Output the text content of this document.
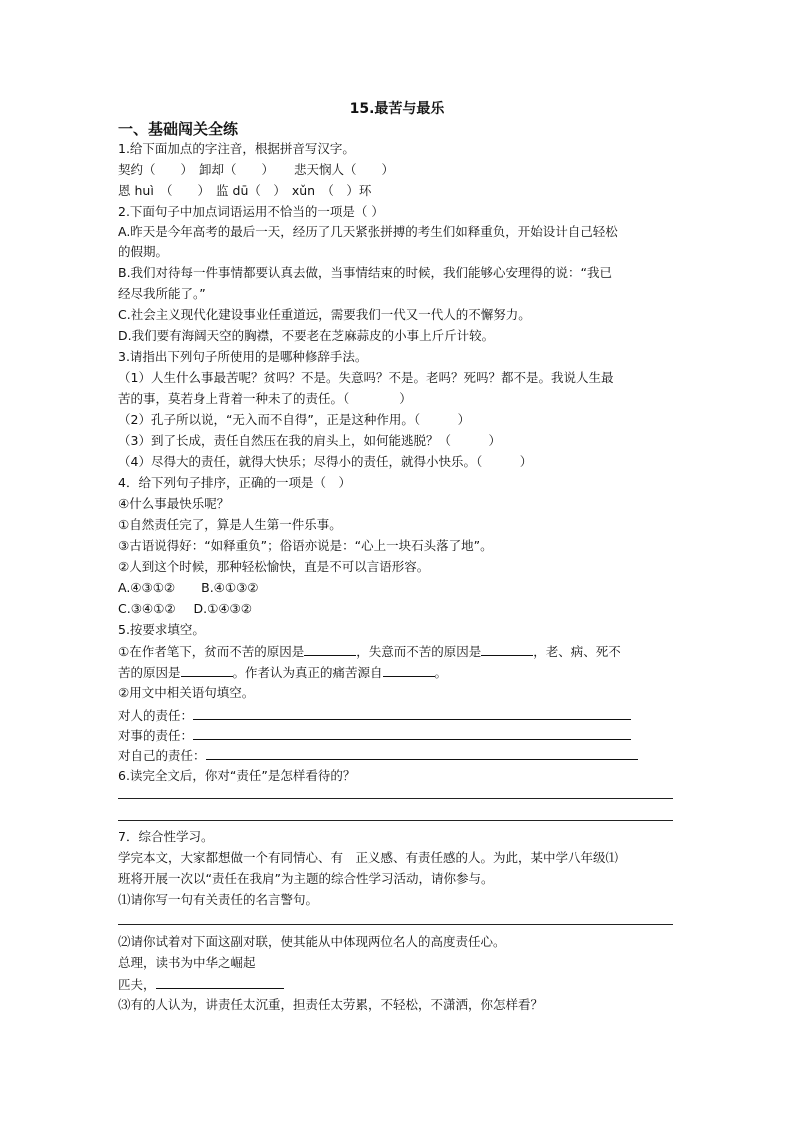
15.最苦与最乐
一、基础闯关全练
1.给下面加点的字注音，根据拼音写汉字。
契约（　　） 卸却（　　） 悲天悯人（　　）
恩 huì　（　　） 监 dū（　） xǔn　（　）环
2.下面句子中加点词语运用不恰当的一项是（ ）
A.昨天是今年高考的最后一天，经历了几天紧张拼搏的考生们如释重负，开始设计自己轻松
的假期。
B.我们对待每一件事情都要认真去做，当事情结束的时候，我们能够心安理得的说：“我已
经尽我所能了。”
C.社会主义现代化建设事业任重道远，需要我们一代又一代人的不懈努力。
D.我们要有海阔天空的胸襟，不要老在芝麻蒜皮的小事上斤斤计较。
3.请指出下列句子所使用的是哪种修辞手法。
（1）人生什么事最苦呢？贫吗？不是。失意吗？不是。老吗？死吗？都不是。我说人生最
苦的事，莫若身上背着一种未了的责任。（　　　　）
（2）孔子所以说，“无入而不自得”，正是这种作用。（　　　）
（3）到了长成，责任自然压在我的肩头上，如何能逃脱？（　　　）
（4）尽得大的责任，就得大快乐；尽得小的责任，就得小快乐。（　　　）
4．给下列句子排序，正确的一项是（　）
④什么事最快乐呢？
①自然责任完了，算是人生第一件乐事。
③古语说得好：“如释重负”；俗语亦说是：“心上一块石头落了地”。
②人到这个时候，那种轻松愉快，直是不可以言语形容。
A.④③①② B.④①③②
C.③④①② D.①④③②
5.按要求填空。
①在作者笔下，贫而不苦的原因是	，失意而不苦的原因是	，老、病、死不
苦的原因是	。作者认为真正的痛苦源自	。
②用文中相关语句填空。
对人的责任：
对事的责任：
对自己的责任：
6.读完全文后，你对“责任”是怎样看待的？
7．综合性学习。
学完本文，大家都想做一个有同情心、有　正义感、有责任感的人。为此，某中学八年级⑴
班将开展一次以“责任在我肩”为主题的综合性学习活动，请你参与。
⑴请你写一句有关责任的名言警句。
⑵请你试着对下面这副对联，使其能从中体现两位名人的高度责任心。
总理，读书为中华之崛起
匹夫，
⑶有的人认为，讲责任太沉重，担责任太劳累，不轻松，不潇洒，你怎样看？
